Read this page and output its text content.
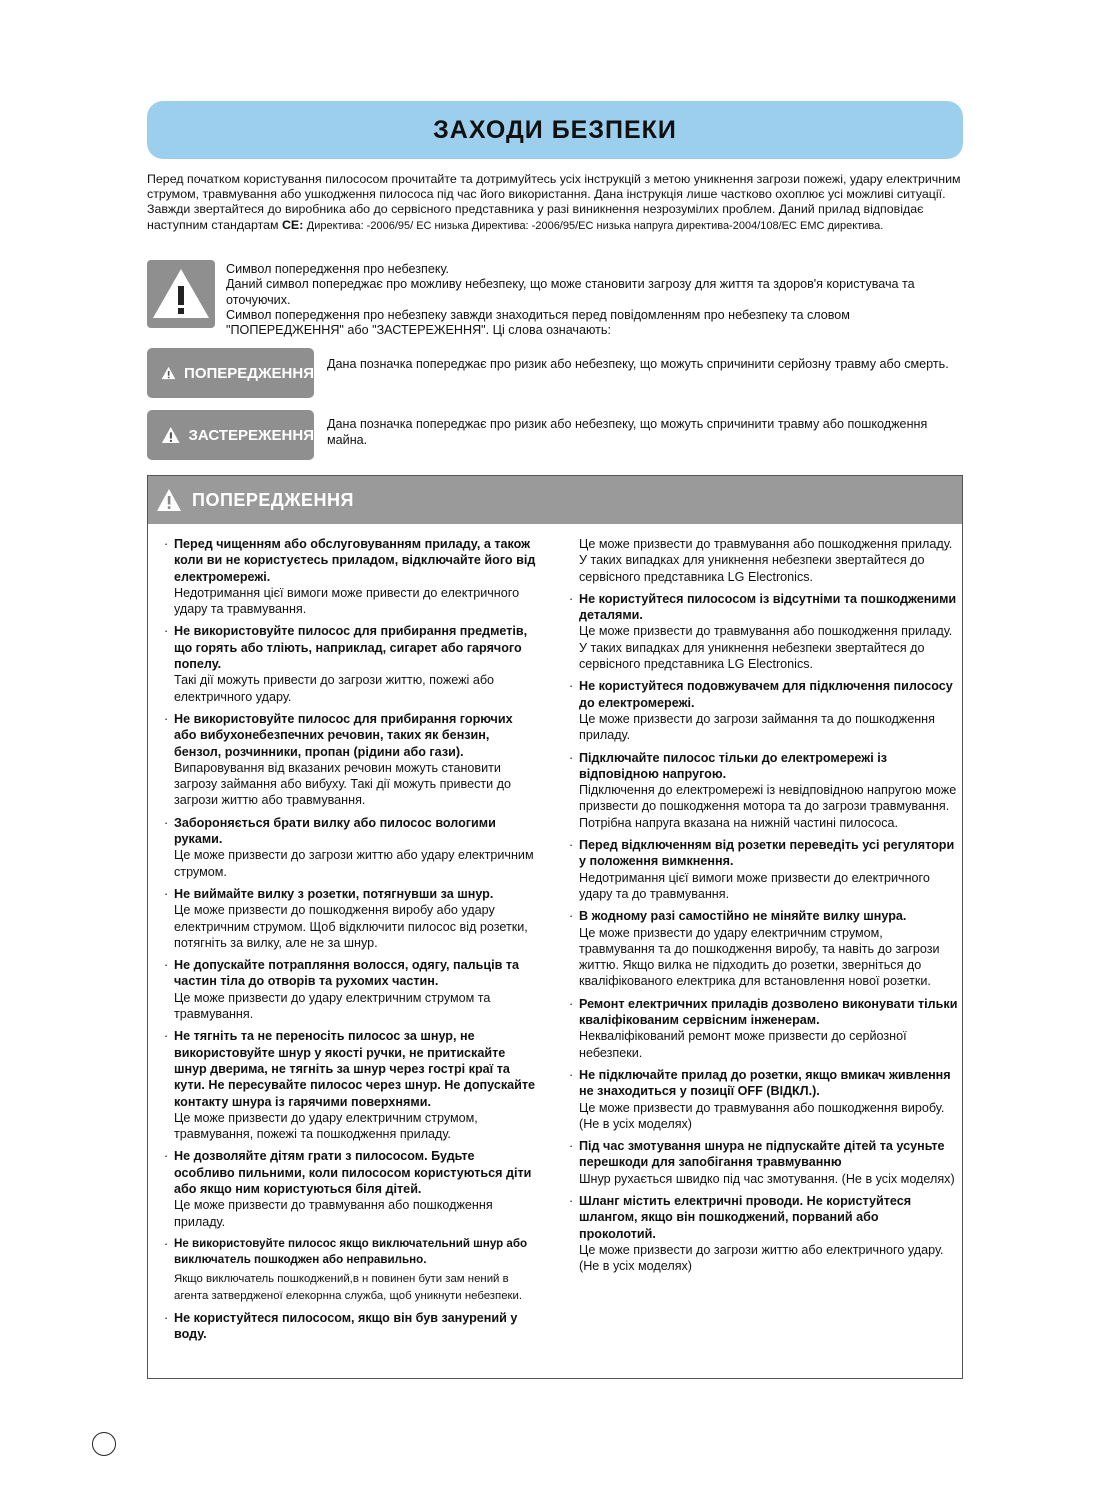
ЗАХОДИ БЕЗПЕКИ
Перед початком користування пилососом прочитайте та дотримуйтесь усіх інструкцій з метою уникнення загрози пожежі, удару електричним струмом, травмування або ушкодження пилососа під час його використання. Дана інструкція лише частково охоплює усі можливі ситуації. Завжди звертайтеся до виробника або до сервісного представника у разі виникнення незрозумілих проблем. Даний прилад відповідає наступним стандартам CE: Директива: -2006/95/ EC низька Директива: -2006/95/EC низька напруга директива-2004/108/EC EMC директива.
Символ попередження про небезпеку.
Даний символ попереджає про можливу небезпеку, що може становити загрозу для життя та здоров'я користувача та оточуючих.
Символ попередження про небезпеку завжди знаходиться перед повідомленням про небезпеку та словом "ПОПЕРЕДЖЕННЯ" або "ЗАСТЕРЕЖЕННЯ". Ці слова означають:
ПОПЕРЕДЖЕННЯ
Дана позначка попереджає про ризик або небезпеку, що можуть спричинити серйозну травму або смерть.
ЗАСТЕРЕЖЕННЯ
Дана позначка попереджає про ризик або небезпеку, що можуть спричинити травму або пошкодження майна.
ПОПЕРЕДЖЕННЯ
· Перед чищенням або обслуговуванням приладу, а також коли ви не користуєтесь приладом, відключайте його від електромережі.
Недотримання цієї вимоги може привести до електричного удару та травмування.
· Не використовуйте пилосос для прибирання предметів, що горять або тліють, наприклад, сигарет або гарячого попелу.
Такі дії можуть привести до загрози життю, пожежі або електричного удару.
· Не використовуйте пилосос для прибирання горючих або вибухонебезпечних речовин, таких як бензин, бензол, розчинники, пропан (рідини або гази).
Випаровування від вказаних речовин можуть становити загрозу займання або вибуху. Такі дії можуть привести до загрози життю або травмування.
· Забороняється брати вилку або пилосос вологими руками.
Це може призвести до загрози життю або удару електричним струмом.
· Не виймайте вилку з розетки, потягнувши за шнур.
Це може призвести до пошкодження виробу або удару електричним струмом. Щоб відключити пилосос від розетки, потягніть за вилку, але не за шнур.
· Не допускайте потрапляння волосся, одягу, пальців та частин тіла до отворів та рухомих частин.
Це може призвести до удару електричним струмом та травмування.
· Не тягніть та не переносіть пилосос за шнур, не використовуйте шнур у якості ручки, не притискайте шнур дверима, не тягніть за шнур через гострі краї та кути. Не пересувайте пилосос через шнур. Не допускайте контакту шнура із гарячими поверхнями.
Це може призвести до удару електричним струмом, травмування, пожежі та пошкодження приладу.
· Не дозволяйте дітям грати з пилососом. Будьте особливо пильними, коли пилососом користуються діти або якщо ним користуються біля дітей.
Це може призвести до травмування або пошкодження приладу.
· Не використовуйте пилосос якщо виключательний шнур або виключатель пошкоджен або неправильно.
Якщо виключатель пошкоджений,в н повинен бути зам нений в агента затвердженої елекорнна служба, щоб уникнути небезпеки.
· Не користуйтеся пилососом, якщо він був занурений у воду.
Це може призвести до травмування або пошкодження приладу. У таких випадках для уникнення небезпеки звертайтеся до сервісного представника LG Electronics.
· Не користуйтеся пилососом із відсутніми та пошкодженими деталями.
Це може призвести до травмування або пошкодження приладу. У таких випадках для уникнення небезпеки звертайтеся до сервісного представника LG Electronics.
· Не користуйтеся подовжувачем для підключення пилососу до електромережі.
Це може призвести до загрози займання та до пошкодження приладу.
· Підключайте пилосос тільки до електромережі із відповідною напругою.
Підключення до електромережі із невідповідною напругою може призвести до пошкодження мотора та до загрози травмування. Потрібна напруга вказана на нижній частині пилососа.
· Перед відключенням від розетки переведіть усі регулятори у положення вимкнення.
Недотримання цієї вимоги може призвести до електричного удару та до травмування.
· В жодному разі самостійно не міняйте вилку шнура.
Це може призвести до удару електричним струмом, травмування та до пошкодження виробу, та навіть до загрози життю. Якщо вилка не підходить до розетки, зверніться до кваліфікованого електрика для встановлення нової розетки.
· Ремонт електричних приладів дозволено виконувати тільки кваліфікованим сервісним інженерам.
Некваліфікований ремонт може призвести до серйозної небезпеки.
· Не підключайте прилад до розетки, якщо вмикач живлення не знаходиться у позиції OFF (ВІДКЛ.).
Це може призвести до травмування або пошкодження виробу.(Не в усіх моделях)
· Під час змотування шнура не підпускайте дітей та усуньте перешкоди для запобігання травмуванню
Шнур рухається швидко під час змотування. (Не в усіх моделях)
· Шланг містить електричні проводи. Не користуйтеся шлангом, якщо він пошкоджений, порваний або проколотий.
Це може призвести до загрози життю або електричного удару.(Не в усіх моделях)
